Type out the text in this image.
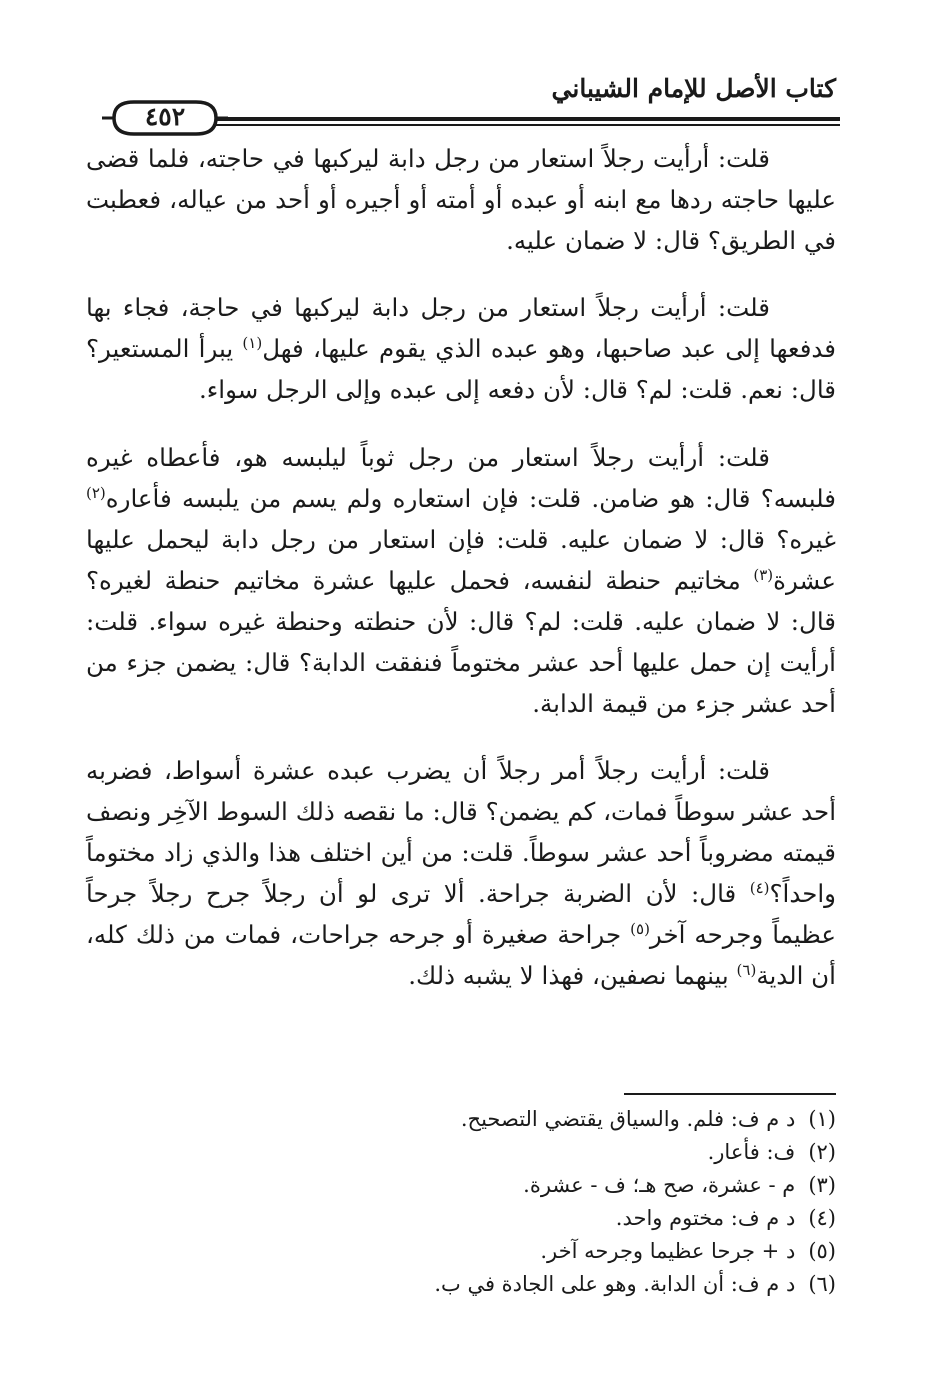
كتاب الأصل للإمام الشيباني
٤٥٢

قلت: أرأيت رجلاً استعار من رجل دابة ليركبها في حاجته، فلما قضى عليها حاجته ردها مع ابنه أو عبده أو أمته أو أجيره أو أحد من عياله، فعطبت في الطريق؟ قال: لا ضمان عليه.

قلت: أرأيت رجلاً استعار من رجل دابة ليركبها في حاجة، فجاء بها فدفعها إلى عبد صاحبها، وهو عبده الذي يقوم عليها، فهل$^{(١)}$ يبرأ المستعير؟ قال: نعم. قلت: لم؟ قال: لأن دفعه إلى عبده وإلى الرجل سواء.

قلت: أرأيت رجلاً استعار من رجل ثوباً ليلبسه هو، فأعطاه غيره فلبسه؟ قال: هو ضامن. قلت: فإن استعاره ولم يسم من يلبسه فأعاره$^{(٢)}$ غيره؟ قال: لا ضمان عليه. قلت: فإن استعار من رجل دابة ليحمل عليها عشرة$^{(٣)}$ مخاتيم حنطة لنفسه، فحمل عليها عشرة مخاتيم حنطة لغيره؟ قال: لا ضمان عليه. قلت: لم؟ قال: لأن حنطته وحنطة غيره سواء. قلت: أرأيت إن حمل عليها أحد عشر مختوماً فنفقت الدابة؟ قال: يضمن جزء من أحد عشر جزء من قيمة الدابة.

قلت: أرأيت رجلاً أمر رجلاً أن يضرب عبده عشرة أسواط، فضربه أحد عشر سوطاً فمات، كم يضمن؟ قال: ما نقصه ذلك السوط الآخِر ونصف قيمته مضروباً أحد عشر سوطاً. قلت: من أين اختلف هذا والذي زاد مختوماً واحداً؟$^{(٤)}$ قال: لأن الضربة جراحة. ألا ترى لو أن رجلاً جرح رجلاً جرحاً عظيماً وجرحه آخر$^{(٥)}$ جراحة صغيرة أو جرحه جراحات، فمات من ذلك كله، أن الدية$^{(٦)}$ بينهما نصفين، فهذا لا يشبه ذلك.

(١) د م ف: فلم. والسياق يقتضي التصحيح.
(٢) ف: فأعار.
(٣) م - عشرة، صح هـ؛ ف - عشرة.
(٤) د م ف: مختوم واحد.
(٥) د + جرحا عظيما وجرحه آخر.
(٦) د م ف: أن الدابة. وهو على الجادة في ب.
